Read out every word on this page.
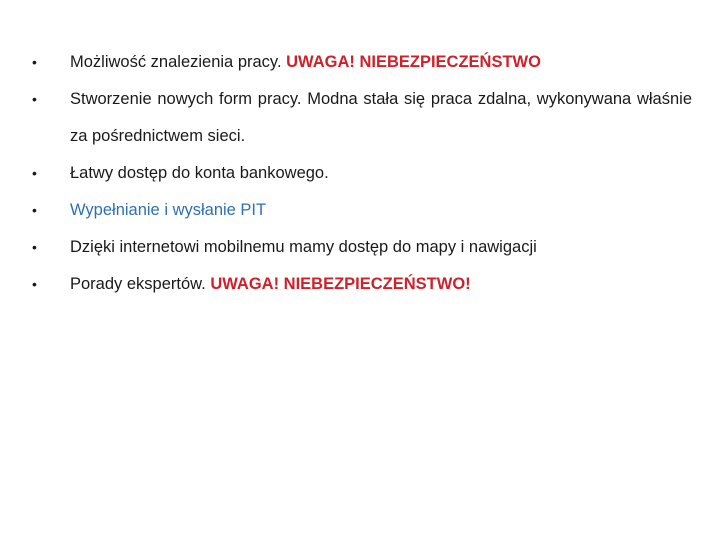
• Możliwość znalezienia pracy. UWAGA! NIEBEZPIECZEŃSTWO
• Stworzenie nowych form pracy. Modna stała się praca zdalna, wykonywana właśnie za pośrednictwem sieci.
• Łatwy dostęp do konta bankowego.
• Wypełnianie i wysłanie PIT
• Dzięki internetowi mobilnemu mamy dostęp do mapy i nawigacji
• Porady ekspertów. UWAGA! NIEBEZPIECZEŃSTWO!
